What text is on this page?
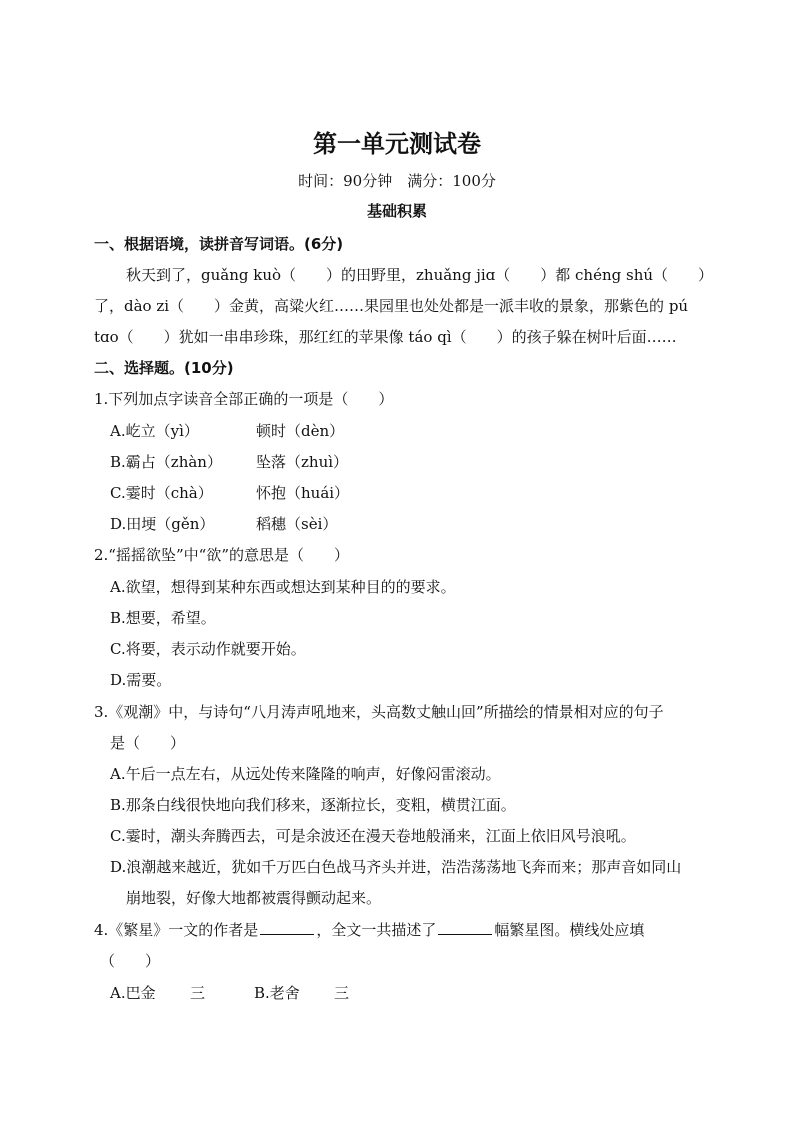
第一单元测试卷
时间：90分钟　满分：100分
基础积累
一、根据语境，读拼音写词语。(6分)
秋天到了，guǎng kuò（　　）的田野里，zhuǎng jiɑ（　　）都 chéng shú（　　）
了，dào zi（　　）金黄，高粱火红……果园里也处处都是一派丰收的景象，那紫色的 pú
tɑo（　　）犹如一串串珍珠，那红红的苹果像 táo qì（　　）的孩子躲在树叶后面……
二、选择题。(10分)
1.下列加点字读音全部正确的一项是（　　）
A.屹立（yì）	顿时（dèn）
B.霸占（zhàn） 坠落（zhuì）
C.霎时（chà）	怀抱（huái）
D.田埂（gěn）	稻穗（sèi）
2.“摇摇欲坠”中“欲”的意思是（　　）
A.欲望，想得到某种东西或想达到某种目的的要求。
B.想要，希望。
C.将要，表示动作就要开始。
D.需要。
3.《观潮》中，与诗句“八月涛声吼地来，头高数丈触山回”所描绘的情景相对应的句子
是（　　）
A.午后一点左右，从远处传来隆隆的响声，好像闷雷滚动。
B.那条白线很快地向我们移来，逐渐拉长，变粗，横贯江面。
C.霎时，潮头奔腾西去，可是余波还在漫天卷地般涌来，江面上依旧风号浪吼。
D.浪潮越来越近，犹如千万匹白色战马齐头并进，浩浩荡荡地飞奔而来；那声音如同山
崩地裂，好像大地都被震得颤动起来。
4.《繁星》一文的作者是	，全文一共描述了	幅繁星图。横线处应填
（　　）
A.巴金 三	B.老舍 三
